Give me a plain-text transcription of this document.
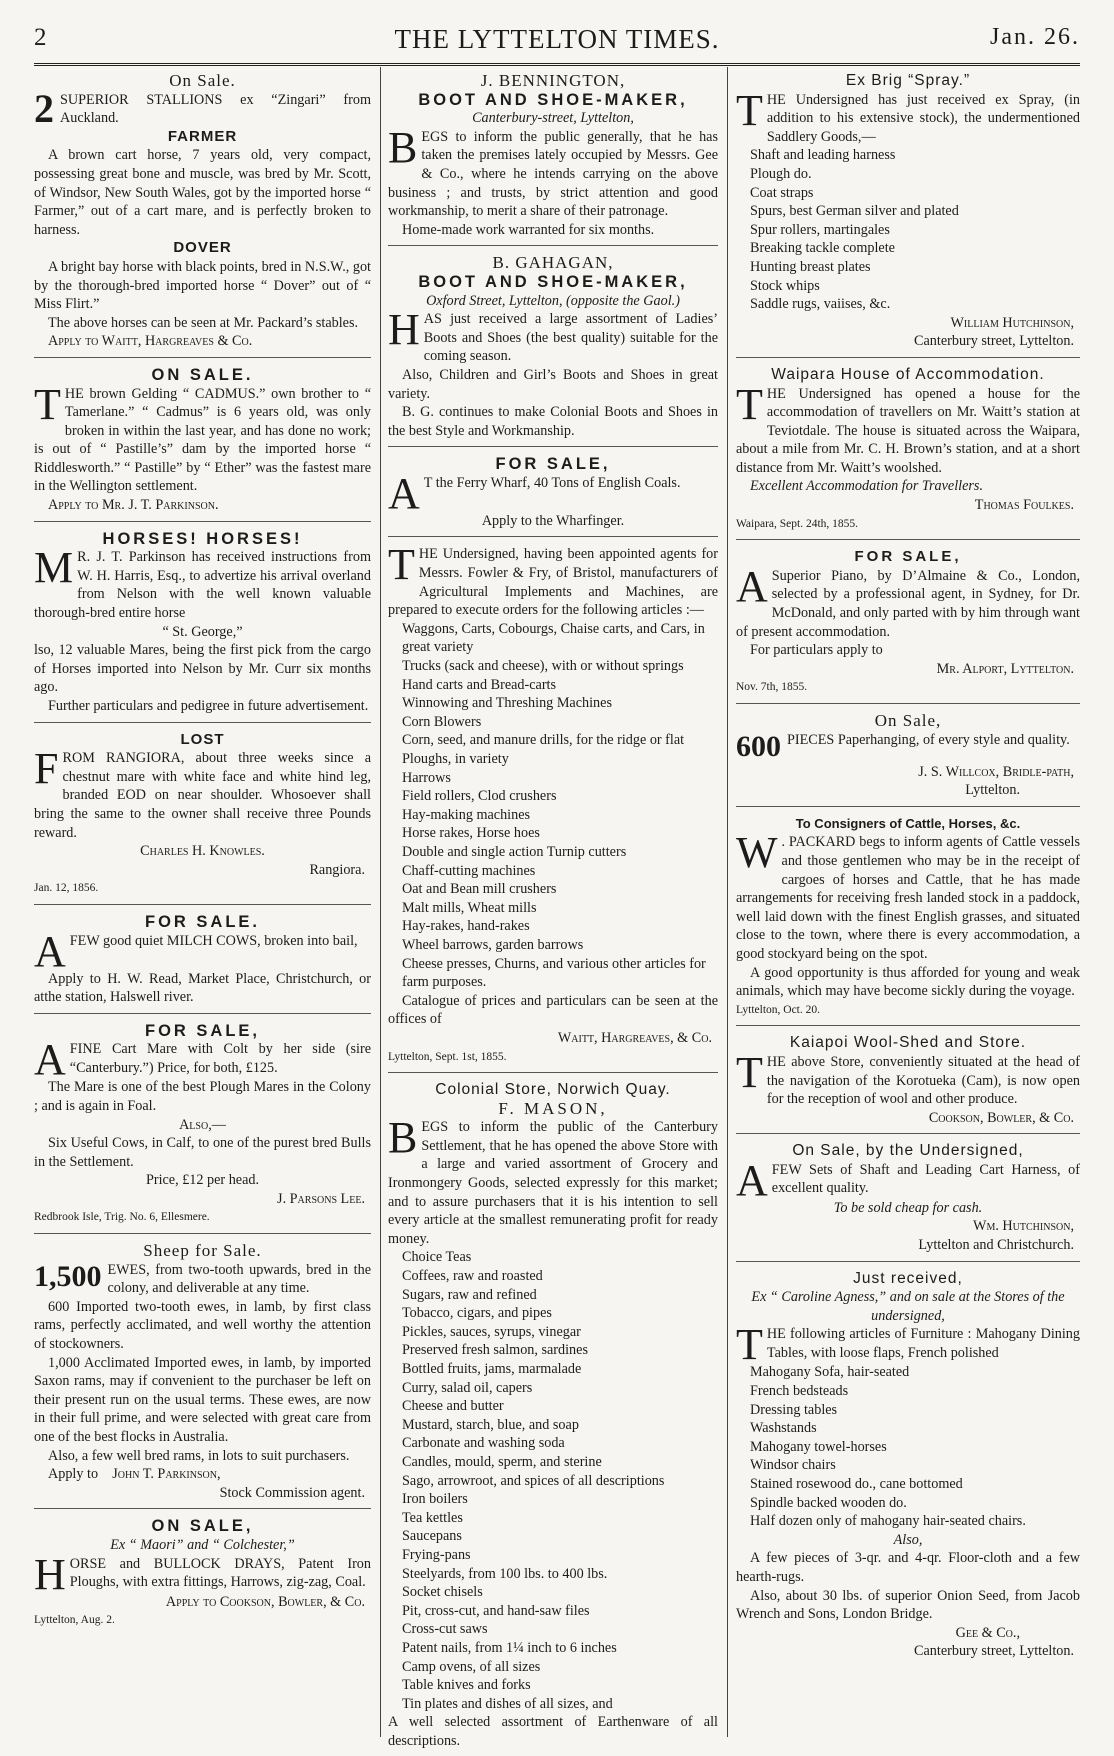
2	THE LYTTELTON TIMES.	Jan. 26.
On Sale.
2 SUPERIOR STALLIONS ex “Zingari” from Auckland.
FARMER
A brown cart horse, 7 years old, very compact, possessing great bone and muscle, was bred by Mr. Scott, of Windsor, New South Wales, got by the imported horse “ Farmer,” out of a cart mare, and is perfectly broken to harness.
DOVER
A bright bay horse with black points, bred in N.S.W., got by the thorough-bred imported horse “ Dover” out of “ Miss Flirt.”
The above horses can be seen at Mr. Packard’s stables.
Apply to Waitt, Hargreaves & Co.
ON SALE.
THE brown Gelding “ CADMUS.” own brother to “ Tamerlane.” “ Cadmus” is 6 years old, was only broken in within the last year, and has done no work; is out of “ Pastille’s” dam by the imported horse “ Riddlesworth.” “ Pastille” by “ Ether” was the fastest mare in the Wellington settlement.
Apply to Mr. J. T. Parkinson.
HORSES! HORSES!
M R. J. T. Parkinson has received instructions from W. H. Harris, Esq., to advertize his arrival overland from Nelson with the well known valuable thorough-bred entire horse
“ St. George,”
lso, 12 valuable Mares, being the first pick from the cargo of Horses imported into Nelson by Mr. Curr six months ago.
Further particulars and pedigree in future advertisement.
LOST
FROM RANGIORA, about three weeks since a chestnut mare with white face and white hind leg, branded EOD on near shoulder. Whosoever shall bring the same to the owner shall receive three Pounds reward.
Charles H. Knowles.
Rangiora.
Jan. 12, 1856.
FOR SALE.
AFEW good quiet MILCH COWS, broken into bail,
Apply to H. W. Read, Market Place, Christchurch, or atthe station, Halswell river.
FOR SALE,
AFINE Cart Mare with Colt by her side (sire “Canterbury.”) Price, for both, £125.
The Mare is one of the best Plough Mares in the Colony ; and is again in Foal.
Also,—
Six Useful Cows, in Calf, to one of the purest bred Bulls in the Settlement.
Price, £12 per head.
J. Parsons Lee.
Redbrook Isle, Trig. No. 6, Ellesmere.
Sheep for Sale.
1,500 EWES, from two-tooth upwards, bred in the colony, and deliverable at any time.
600 Imported two-tooth ewes, in lamb, by first class rams, perfectly acclimated, and well worthy the attention of stockowners.
1,000 Acclimated Imported ewes, in lamb, by imported Saxon rams, may if convenient to the purchaser be left on their present run on the usual terms. These ewes, are now in their full prime, and were selected with great care from one of the best flocks in Australia.
Also, a few well bred rams, in lots to suit purchasers.
Apply to John T. Parkinson,
Stock Commission agent.
ON SALE,
Ex “ Maori” and “ Colchester,”
HORSE and BULLOCK DRAYS, Patent Iron Ploughs, with extra fittings, Harrows, zig-zag, Coal.
Apply to Cookson, Bowler, & Co.
Lyttelton, Aug. 2.
J. BENNINGTON,
BOOT AND SHOE-MAKER,
Canterbury-street, Lyttelton,
BEGS to inform the public generally, that he has taken the premises lately occupied by Messrs. Gee & Co., where he intends carrying on the above business ; and trusts, by strict attention and good workmanship, to merit a share of their patronage.
Home-made work warranted for six months.
B. GAHAGAN,
BOOT AND SHOE-MAKER,
Oxford Street, Lyttelton, (opposite the Gaol.)
HAS just received a large assortment of Ladies’ Boots and Shoes (the best quality) suitable for the coming season.
Also, Children and Girl’s Boots and Shoes in great variety.
B. G. continues to make Colonial Boots and Shoes in the best Style and Workmanship.
FOR SALE,
A T the Ferry Wharf, 40 Tons of English Coals.
Apply to the Wharfinger.
THE Undersigned, having been appointed agents for Messrs. Fowler & Fry, of Bristol, manufacturers of Agricultural Implements and Machines, are prepared to execute orders for the following articles :—
Waggons, Carts, Cobourgs, Chaise carts, and Cars, in great variety
Trucks (sack and cheese), with or without springs
Hand carts and Bread-carts
Winnowing and Threshing Machines
Corn Blowers
Corn, seed, and manure drills, for the ridge or flat
Ploughs, in variety
Harrows
Field rollers, Clod crushers
Hay-making machines
Horse rakes, Horse hoes
Double and single action Turnip cutters
Chaff-cutting machines
Oat and Bean mill crushers
Malt mills, Wheat mills
Hay-rakes, hand-rakes
Wheel barrows, garden barrows
Cheese presses, Churns, and various other articles for farm purposes.
Catalogue of prices and particulars can be seen at the offices of
Waitt, Hargreaves, & Co.
Lyttelton, Sept. 1st, 1855.
Colonial Store, Norwich Quay.
F. MASON,
BEGS to inform the public of the Canterbury Settlement, that he has opened the above Store with a large and varied assortment of Grocery and Ironmongery Goods, selected expressly for this market; and to assure purchasers that it is his intention to sell every article at the smallest remunerating profit for ready money.
Choice Teas
Coffees, raw and roasted
Sugars, raw and refined
Tobacco, cigars, and pipes
Pickles, sauces, syrups, vinegar
Preserved fresh salmon, sardines
Bottled fruits, jams, marmalade
Curry, salad oil, capers
Cheese and butter
Mustard, starch, blue, and soap
Carbonate and washing soda
Candles, mould, sperm, and sterine
Sago, arrowroot, and spices of all descriptions
Iron boilers
Tea kettles
Saucepans
Frying-pans
Steelyards, from 100 lbs. to 400 lbs.
Socket chisels
Pit, cross-cut, and hand-saw files
Cross-cut saws
Patent nails, from 1¼ inch to 6 inches
Camp ovens, of all sizes
Table knives and forks
Tin plates and dishes of all sizes, and
A well selected assortment of Earthenware of all descriptions.
Ex Brig “Spray.”
THE Undersigned has just received ex Spray, (in addition to his extensive stock), the undermentioned Saddlery Goods,—
Shaft and leading harness
Plough do.
Coat straps
Spurs, best German silver and plated
Spur rollers, martingales
Breaking tackle complete
Hunting breast plates
Stock whips
Saddle rugs, vaiises, &c.
William Hutchinson,
Canterbury street, Lyttelton.
Waipara House of Accommodation.
THE Undersigned has opened a house for the accommodation of travellers on Mr. Waitt’s station at Teviotdale. The house is situated across the Waipara, about a mile from Mr. C. H. Brown’s station, and at a short distance from Mr. Waitt’s woolshed.
Excellent Accommodation for Travellers.
Thomas Foulkes.
Waipara, Sept. 24th, 1855.
FOR SALE,
A Superior Piano, by D’Almaine & Co., London, selected by a professional agent, in Sydney, for Dr. McDonald, and only parted with by him through want of present accommodation.
For particulars apply to
Mr. Alport, Lyttelton.
Nov. 7th, 1855.
On Sale,
600 PIECES Paperhanging, of every style and quality.
J. S. Willcox, Bridle-path,
Lyttelton.
To Consigners of Cattle, Horses, &c.
W . PACKARD begs to inform agents of Cattle vessels and those gentlemen who may be in the receipt of cargoes of horses and Cattle, that he has made arrangements for receiving fresh landed stock in a paddock, well laid down with the finest English grasses, and situated close to the town, where there is every accommodation, a good stockyard being on the spot.
A good opportunity is thus afforded for young and weak animals, which may have become sickly during the voyage.
Lyttelton, Oct. 20.
Kaiapoi Wool-Shed and Store.
THE above Store, conveniently situated at the head of the navigation of the Korotueka (Cam), is now open for the reception of wool and other produce.
Cookson, Bowler, & Co.
On Sale, by the Undersigned,
AFEW Sets of Shaft and Leading Cart Harness, of excellent quality.
To be sold cheap for cash.
Wm. Hutchinson,
Lyttelton and Christchurch.
Just received,
Ex “ Caroline Agness,” and on sale at the Stores of the undersigned,
THE following articles of Furniture : Mahogany Dining Tables, with loose flaps, French polished
Mahogany Sofa, hair-seated
French bedsteads
Dressing tables
Washstands
Mahogany towel-horses
Windsor chairs
Stained rosewood do., cane bottomed
Spindle backed wooden do.
Half dozen only of mahogany hair-seated chairs.
Also,
A few pieces of 3-qr. and 4-qr. Floor-cloth and a few hearth-rugs.
Also, about 30 lbs. of superior Onion Seed, from Jacob Wrench and Sons, London Bridge.
Gee & Co.,
Canterbury street, Lyttelton.
